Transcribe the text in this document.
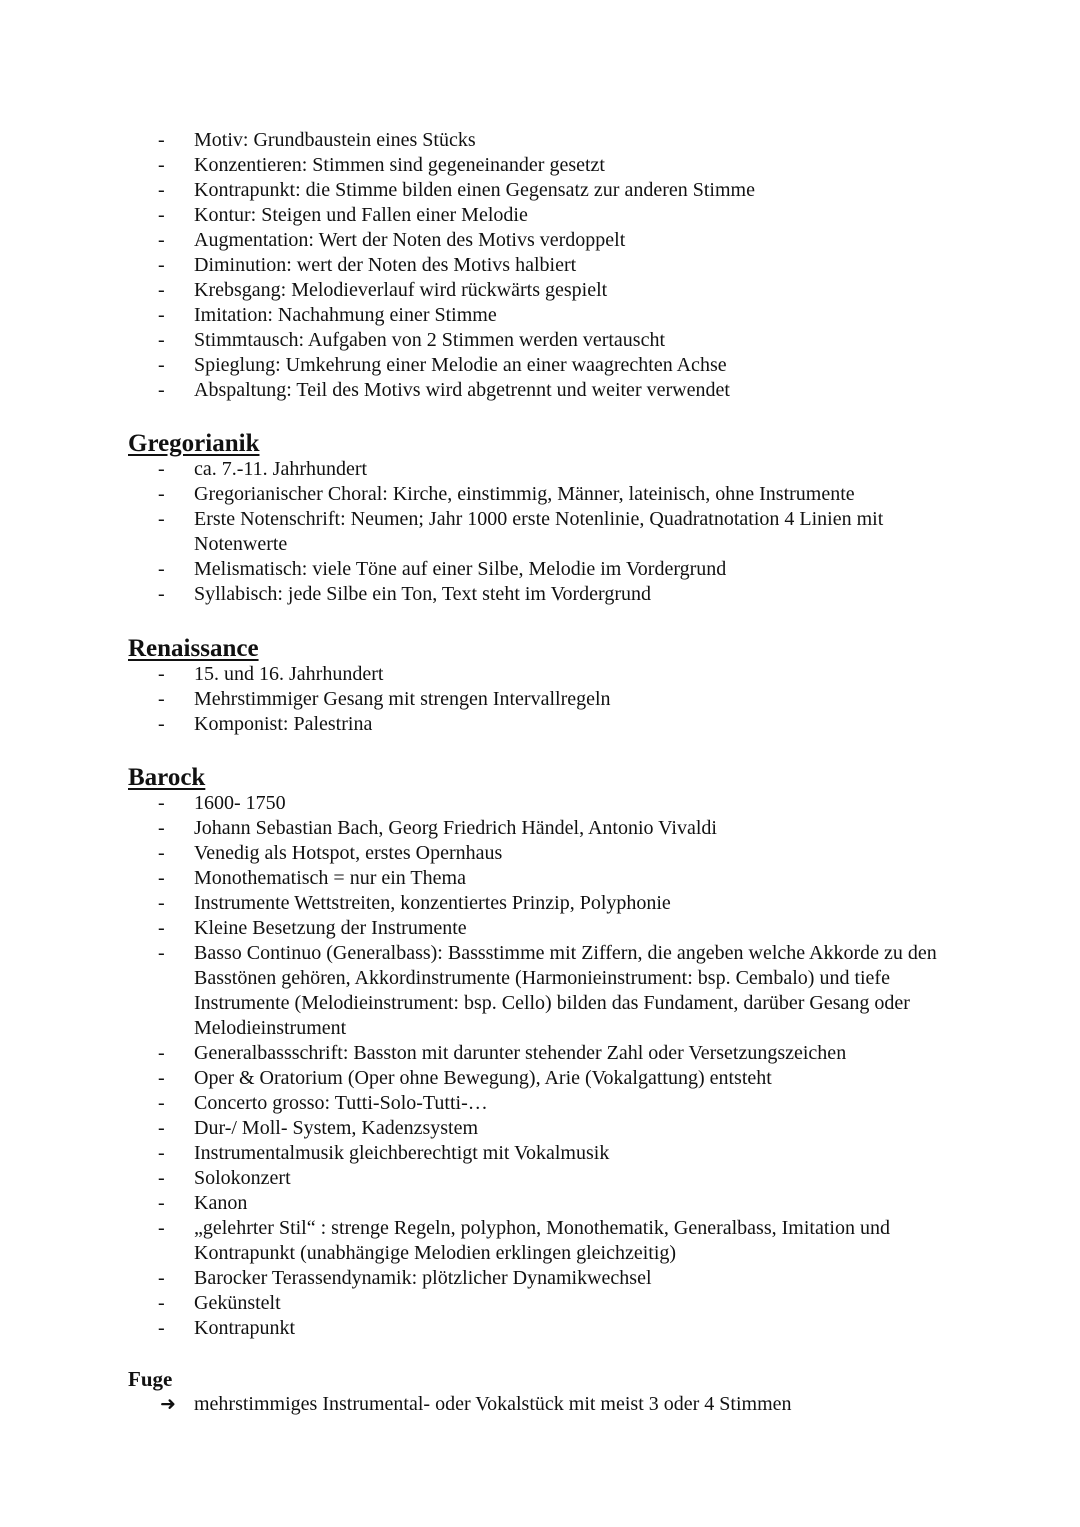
- Motiv: Grundbaustein eines Stücks
- Konzentieren: Stimmen sind gegeneinander gesetzt
- Kontrapunkt: die Stimme bilden einen Gegensatz zur anderen Stimme
- Kontur: Steigen und Fallen einer Melodie
- Augmentation: Wert der Noten des Motivs verdoppelt
- Diminution: wert der Noten des Motivs halbiert
- Krebsgang: Melodieverlauf wird rückwärts gespielt
- Imitation: Nachahmung einer Stimme
- Stimmtausch: Aufgaben von 2 Stimmen werden vertauscht
- Spieglung: Umkehrung einer Melodie an einer waagrechten Achse
- Abspaltung: Teil des Motivs wird abgetrennt und weiter verwendet
Gregorianik
- ca. 7.-11. Jahrhundert
- Gregorianischer Choral: Kirche, einstimmig, Männer, lateinisch, ohne Instrumente
- Erste Notenschrift: Neumen; Jahr 1000 erste Notenlinie, Quadratnotation 4 Linien mit Notenwerte
- Melismatisch: viele Töne auf einer Silbe, Melodie im Vordergrund
- Syllabisch: jede Silbe ein Ton, Text steht im Vordergrund
Renaissance
- 15. und 16. Jahrhundert
- Mehrstimmiger Gesang mit strengen Intervallregeln
- Komponist: Palestrina
Barock
- 1600- 1750
- Johann Sebastian Bach, Georg Friedrich Händel, Antonio Vivaldi
- Venedig als Hotspot, erstes Opernhaus
- Monothematisch = nur ein Thema
- Instrumente Wettstreiten, konzentiertes Prinzip, Polyphonie
- Kleine Besetzung der Instrumente
- Basso Continuo (Generalbass): Bassstimme mit Ziffern, die angeben welche Akkorde zu den Basstönen gehören, Akkordinstrumente (Harmonieinstrument: bsp. Cembalo) und tiefe Instrumente (Melodieinstrument: bsp. Cello) bilden das Fundament, darüber Gesang oder Melodieinstrument
- Generalbassschrift: Basston mit darunter stehender Zahl oder Versetzungszeichen
- Oper & Oratorium (Oper ohne Bewegung), Arie (Vokalgattung) entsteht
- Concerto grosso: Tutti-Solo-Tutti-…
- Dur-/ Moll- System, Kadenzsystem
- Instrumentalmusik gleichberechtigt mit Vokalmusik
- Solokonzert
- Kanon
- „gelehrter Stil“ : strenge Regeln, polyphon, Monothematik, Generalbass, Imitation und Kontrapunkt (unabhängige Melodien erklingen gleichzeitig)
- Barocker Terassendynamik: plötzlicher Dynamikwechsel
- Gekünstelt
- Kontrapunkt
Fuge
➜ mehrstimmiges Instrumental- oder Vokalstück mit meist 3 oder 4 Stimmen
